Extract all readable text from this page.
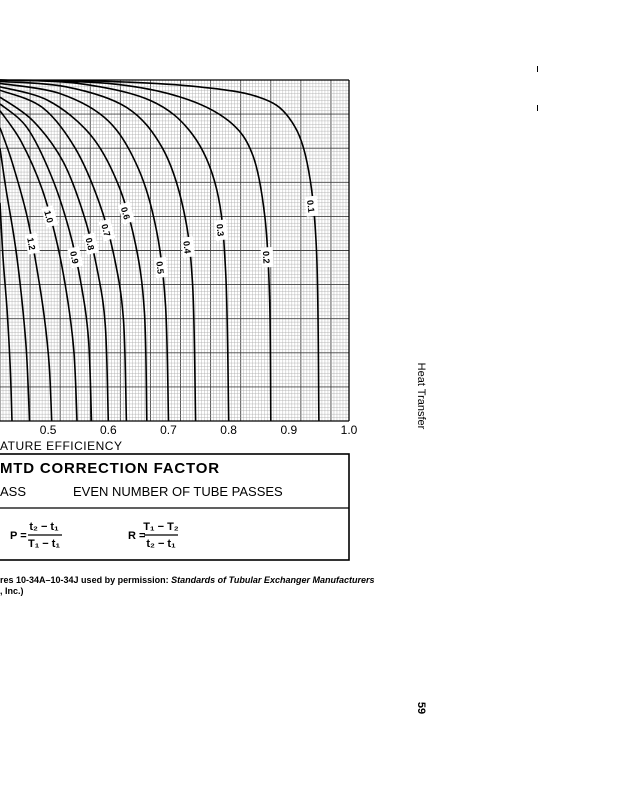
0.1
0.2
0.3
0.4
0.5
0.6
0.7
0.8
0.9
1.0
1.2
0.5	0.6	0.7	0.8	0.9	1.0
ATURE EFFICIENCY
MTD CORRECTION FACTOR
ASS	EVEN NUMBER OF TUBE PASSES
P =
t₂ − t₁
T₁ − t₁
R =
T₁ − T₂
t₂ − t₁
res 10-34A–10-34J used by permission: Standards of Tubular Exchanger Manufacturers
, Inc.)
Heat Transfer
59
